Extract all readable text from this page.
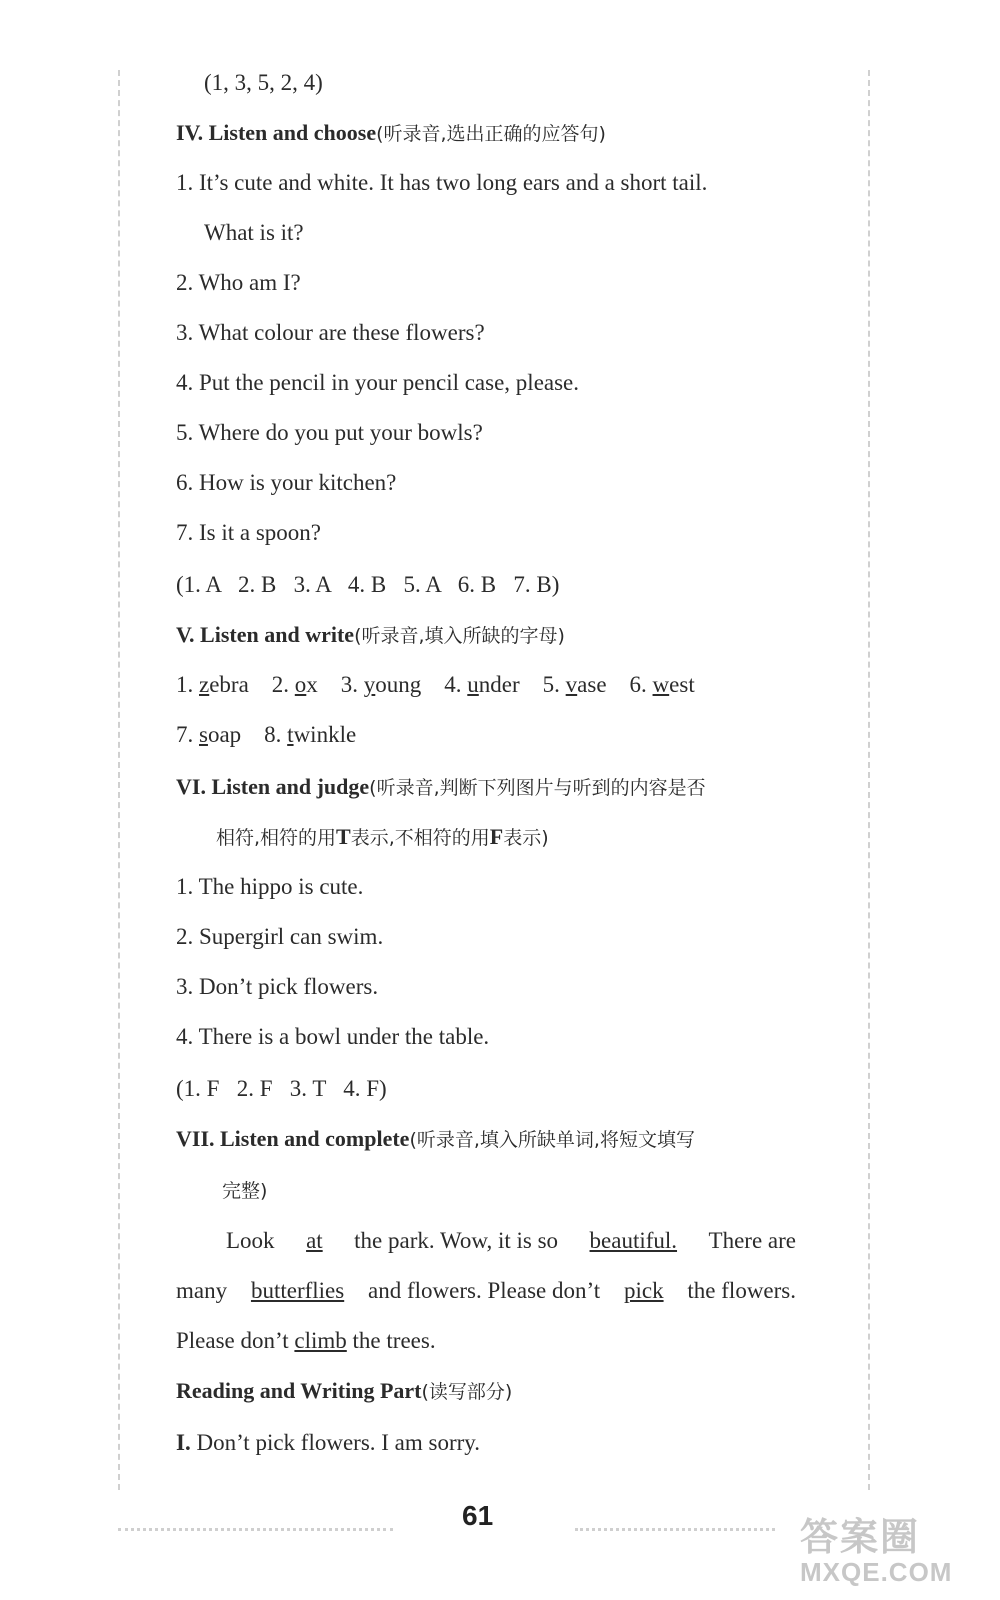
(1, 3, 5, 2, 4)
IV. Listen and choose(听录音,选出正确的应答句)
1. It’s cute and white. It has two long ears and a short tail.
What is it?
2. Who am I?
3. What colour are these flowers?
4. Put the pencil in your pencil case, please.
5. Where do you put your bowls?
6. How is your kitchen?
7. Is it a spoon?
(1. A   2. B   3. A   4. B   5. A   6. B   7. B)
V. Listen and write(听录音,填入所缺的字母)
1. zebra 2. ox 3. young 4. under 5. vase 6. west
7. soap 8. twinkle
VI. Listen and judge(听录音,判断下列图片与听到的内容是否
相符,相符的用T表示,不相符的用F表示)
1. The hippo is cute.
2. Supergirl can swim.
3. Don’t pick flowers.
4. There is a bowl under the table.
(1. F   2. F   3. T   4. F)
VII. Listen and complete(听录音,填入所缺单词,将短文填写
完整)
Look at the park. Wow, it is so beautiful. There are
many butterflies and flowers. Please don’t pick the flowers.
Please don’t climb the trees.
Reading and Writing Part(读写部分)
I. Don’t pick flowers. I am sorry.
61
答案圈
MXQE.COM
